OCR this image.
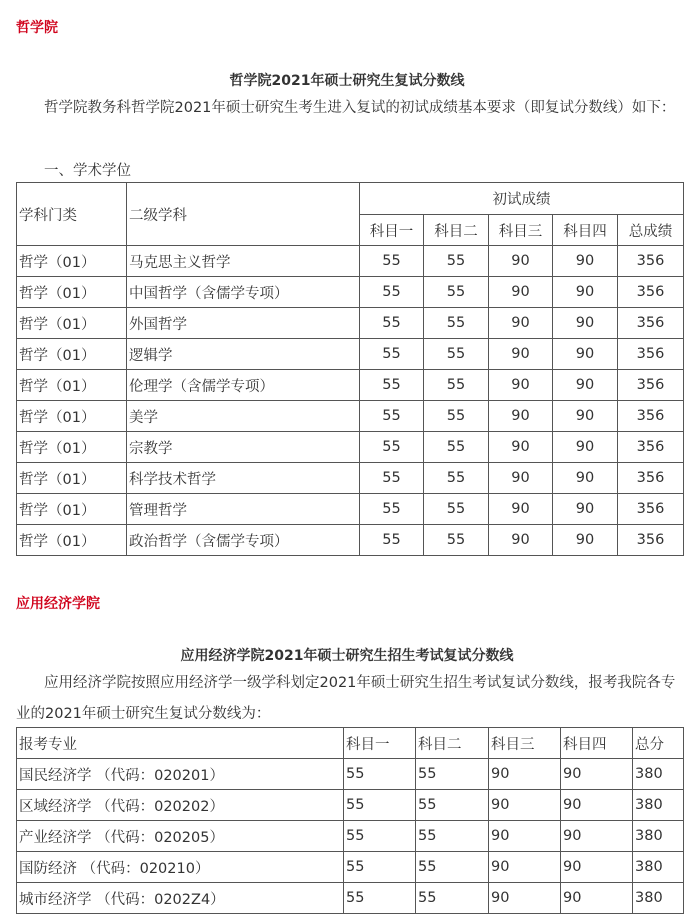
哲学院
哲学院2021年硕士研究生复试分数线

哲学院教务科哲学院2021年硕士研究生考生进入复试的初试成绩基本要求（即复试分数线）如下：

一、学术学位
学科门类	二级学科	初试成绩				
		科目一	科目二	科目三	科目四	总成绩
哲学（01）	马克思主义哲学	55	55	90	90	356
哲学（01）	中国哲学（含儒学专项）	55	55	90	90	356
哲学（01）	外国哲学	55	55	90	90	356
哲学（01）	逻辑学	55	55	90	90	356
哲学（01）	伦理学（含儒学专项）	55	55	90	90	356
哲学（01）	美学	55	55	90	90	356
哲学（01）	宗教学	55	55	90	90	356
哲学（01）	科学技术哲学	55	55	90	90	356
哲学（01）	管理哲学	55	55	90	90	356
哲学（01）	政治哲学（含儒学专项）	55	55	90	90	356
应用经济学院
应用经济学院2021年硕士研究生招生考试复试分数线

应用经济学院按照应用经济学一级学科划定2021年硕士研究生招生考试复试分数线，报考我院各专业的2021年硕士研究生复试分数线为：

报考专业	科目一	科目二	科目三	科目四	总分
国民经济学 （代码：020201）	55	55	90	90	380
区域经济学 （代码：020202）	55	55	90	90	380
产业经济学 （代码：020205）	55	55	90	90	380
国防经济 （代码：020210）	55	55	90	90	380
城市经济学 （代码：0202Z4）	55	55	90	90	380
